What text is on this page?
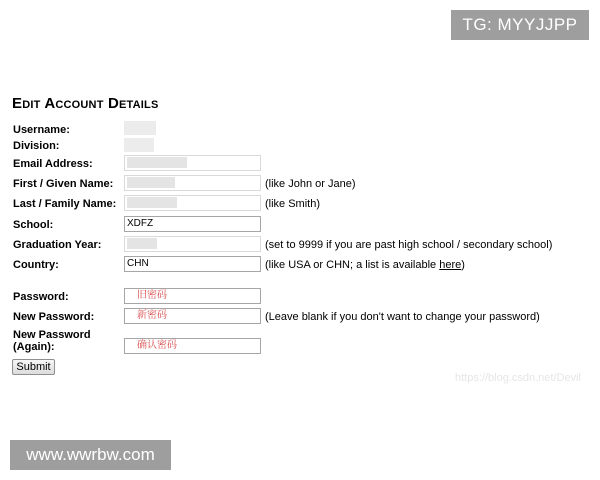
TG: MYYJJPP
https://blog.csdn.net/Devil
www.wwrbw.com
Edit Account Details
Username:
Division:
Email Address:
First / Given Name:	(like John or Jane)
Last / Family Name:	(like Smith)
School:	XDFZ
Graduation Year:	(set to 9999 if you are past high school / secondary school)
Country:	CHN	(like USA or CHN; a list is available here)
Password:	旧密码
New Password:	新密码	(Leave blank if you don't want to change your password)
New Password
(Again):	确认密码
Submit
